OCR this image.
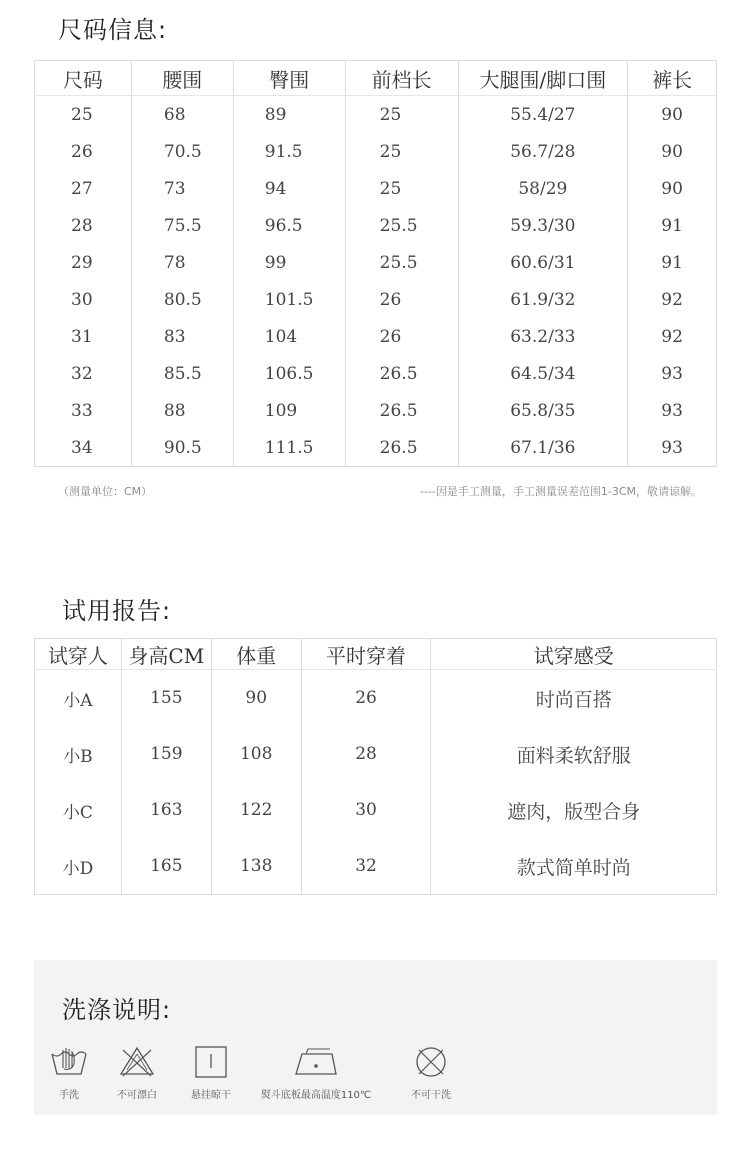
尺码信息:
尺码	腰围	臀围	前档长	大腿围/脚口围	裤长
25	68	89	25	55.4/27	90
26	70.5	91.5	25	56.7/28	90
27	73	94	25	58/29	90
28	75.5	96.5	25.5	59.3/30	91
29	78	99	25.5	60.6/31	91
30	80.5	101.5	26	61.9/32	92
31	83	104	26	63.2/33	92
32	85.5	106.5	26.5	64.5/34	93
33	88	109	26.5	65.8/35	93
34	90.5	111.5	26.5	67.1/36	93
（测量单位：CM）	----因是手工测量，手工测量误差范围1-3CM，敬请谅解。
试用报告:
试穿人	身高CM	体重	平时穿着	试穿感受
小A	155	90	26	时尚百搭
小B	159	108	28	面料柔软舒服
小C	163	122	30	遮肉，版型合身
小D	165	138	32	款式简单时尚
洗涤说明:
手洗	不可漂白	悬挂晾干	熨斗底板最高温度110℃	不可干洗
